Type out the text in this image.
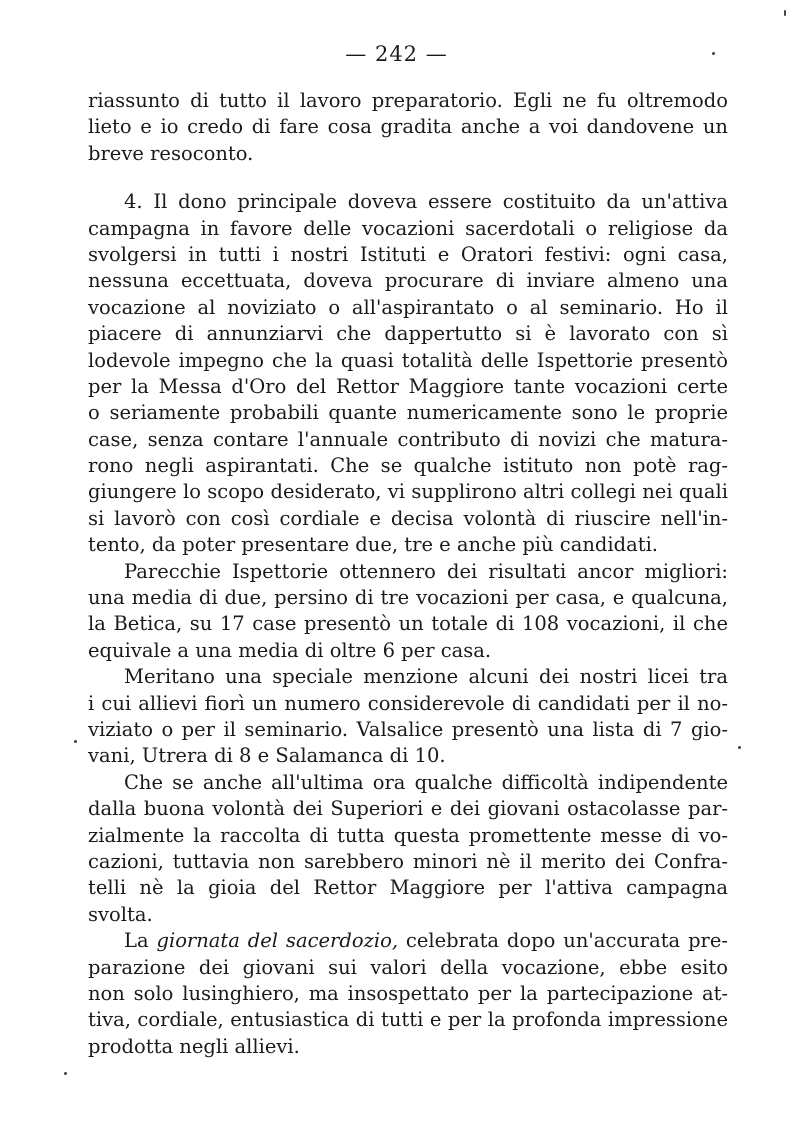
— 242 —
riassunto di tutto il lavoro preparatorio. Egli ne fu oltremodo
lieto e io credo di fare cosa gradita anche a voi dandovene un
breve resoconto.
4. Il dono principale doveva essere costituito da un'attiva
campagna in favore delle vocazioni sacerdotali o religiose da
svolgersi in tutti i nostri Istituti e Oratori festivi: ogni casa,
nessuna eccettuata, doveva procurare di inviare almeno una
vocazione al noviziato o all'aspirantato o al seminario. Ho il
piacere di annunziarvi che dappertutto si è lavorato con sì
lodevole impegno che la quasi totalità delle Ispettorie presentò
per la Messa d'Oro del Rettor Maggiore tante vocazioni certe
o seriamente probabili quante numericamente sono le proprie
case, senza contare l'annuale contributo di novizi che matura-
rono negli aspirantati. Che se qualche istituto non potè rag-
giungere lo scopo desiderato, vi supplirono altri collegi nei quali
si lavorò con così cordiale e decisa volontà di riuscire nell'in-
tento, da poter presentare due, tre e anche più candidati.
Parecchie Ispettorie ottennero dei risultati ancor migliori:
una media di due, persino di tre vocazioni per casa, e qualcuna,
la Betica, su 17 case presentò un totale di 108 vocazioni, il che
equivale a una media di oltre 6 per casa.
Meritano una speciale menzione alcuni dei nostri licei tra
i cui allievi fiorì un numero considerevole di candidati per il no-
viziato o per il seminario. Valsalice presentò una lista di 7 gio-
vani, Utrera di 8 e Salamanca di 10.
Che se anche all'ultima ora qualche difficoltà indipendente
dalla buona volontà dei Superiori e dei giovani ostacolasse par-
zialmente la raccolta di tutta questa promettente messe di vo-
cazioni, tuttavia non sarebbero minori nè il merito dei Confra-
telli nè la gioia del Rettor Maggiore per l'attiva campagna
svolta.
La giornata del sacerdozio, celebrata dopo un'accurata pre-
parazione dei giovani sui valori della vocazione, ebbe esito
non solo lusinghiero, ma insospettato per la partecipazione at-
tiva, cordiale, entusiastica di tutti e per la profonda impressione
prodotta negli allievi.
